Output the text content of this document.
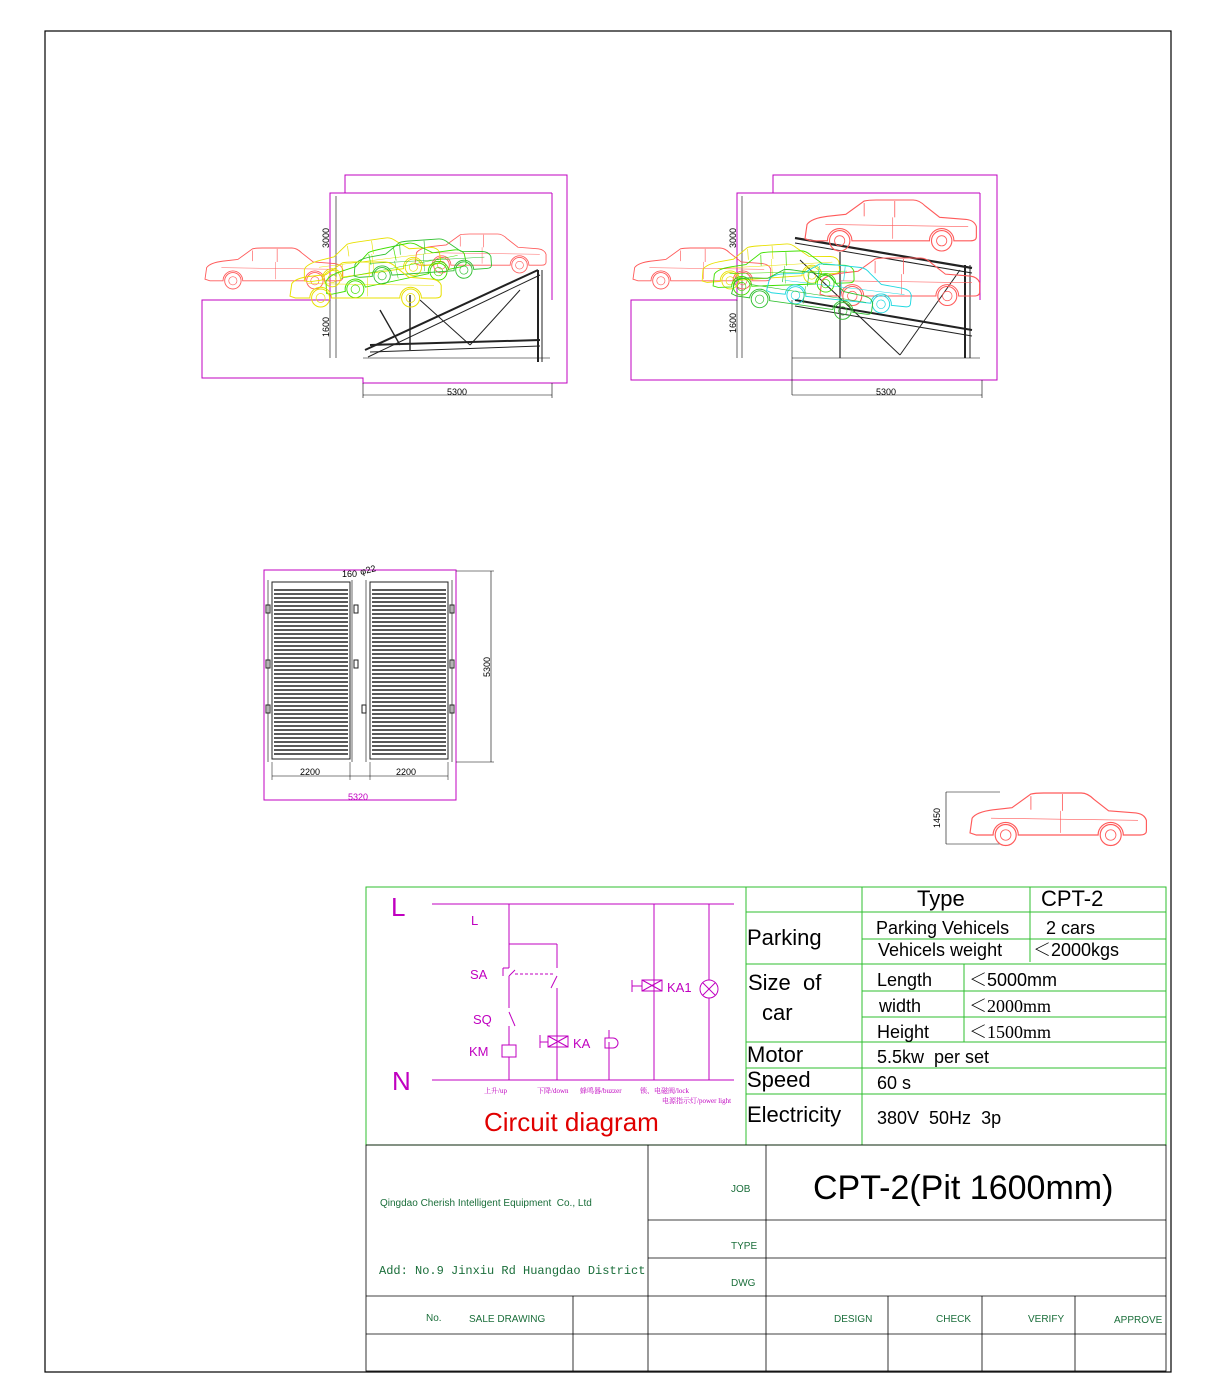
3000
1600
5300
3000
1600
5300
160 φ22
5300
2200	2200
5320
1450
L
N
L
SA
SQ
KM
KA
KA1
上升/up	下降/down 蜂鸣器/buzzer	锁、电磁阀/lock
电源指示灯/power light
Circuit diagram
Type	CPT-2
Parking	Parking Vehicels 2 cars
Vehicels weight ＜2000kgs
Size  of
car
Length ＜5000mm
width	＜2000mm
Height ＜1500mm
Motor	5.5kw  per set
Speed	60 s
Electricity 380V  50Hz  3p
Qingdao Cherish Intelligent Equipment  Co., Ltd
Add: No.9 Jinxiu Rd Huangdao District
JOB CPT-2(Pit 1600mm)
TYPE
DWG
No.	SALE DRAWING	DESIGN	CHECK	VERIFY	APPROVE
